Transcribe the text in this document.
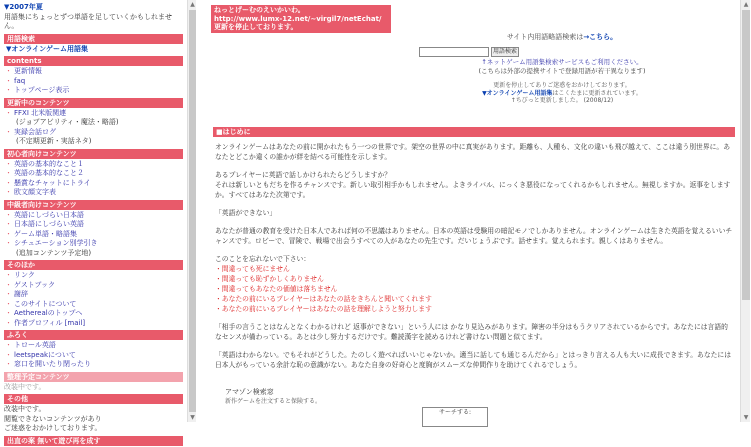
▼2007年夏
用語集にちょっとずつ単語を足していくかもしれません。
用語検索
▼オンラインゲーム用語集
contents
・ 更新情報
・ faq
・ トップページ表示
更新中のコンテンツ
・ FFXI 北米版関連
(ジョブアビリティ・魔法・略語)
・ 実録会話ログ
(不定期更新・実話ネタ)
初心者向けコンテンツ
・ 英語の基本的なこと１
・ 英語の基本的なこと２
・ 懸賞なチャットにトライ
・ 欧文顔文字表
中級者向けコンテンツ
・ 英語にしづらい日本語
・ 日本語にしづらい英語
・ ゲーム単語・略語集
・ シチュエーション別学引き
(追加コンテンツ予定地)
そのほか
・ リンク
・ ゲストブック
・ 謝辞
・ このサイトについて
・ Aetherealのトップへ
・ 作者プロフィル [mail]
ふろく
・ トロール英語
・ leetspeakについて
・ 窓口を開いたり閉ったり
整理予定コンテンツ
改装中です。
その他
改装中です。
閲覧できないコンテンツがあり
ご迷惑をおかけしております。
出直の案 無いて遊び再を成す
▲
▼
ねっとげーむのえいかいわ。
http://www.lumx-12.net/~virgil7/netEchat/
更新を停止しております。
サイト内用語略語検索は→こちら。
用語検索
↑ネットゲーム用語集検索サービスもご利用ください。
(こちらは外部の提携サイトで登録用語が若干異なります)
更新を停止してありご迷惑をおかけしております。
▼オンラインゲーム用語集はこくたまに更新されています。
↑ちびっと更新しました。 (2008/12)
■はじめに

オンラインゲームはあなたの前に開かれたもう一つの世界です。架空の世界の中に真実があります。距離も、人種も、文化の違いも飛び越えて、ここは違う別世界に。あなたとどこか違くの誰かが絆を結べる可能性を示します。

あるプレイヤーに英語で話しかけられたらどうしますか？
それは新しいともだちを作るチャンスです。新しい取引相手かもしれません。よきライバル、にっくき悪役になってくれるかもしれません。無視しますか。返事をしますか。すべてはあなた次第です。

「英語ができない」

あなたが普通の教育を受けた日本人であれば何の不思議はありません。日本の英語は受験用の暗記モノでしかありません。オンラインゲームは生きた英語を覚えるいいチャンスです。ロビーで、冒険で、戦場で出会うすべての人があなたの先生です。だいじょうぶです。話せます。覚えられます。親しくはありません。

このことを忘れないで下さい：
・間違っても死にません
・間違っても恥ずかしくありません
・間違ってもあなたの価値は落ちません
・あなたの前にいるプレイヤーはあなたの話をきちんと聞いてくれます
・あなたの前にいるプレイヤーはあなたの話を理解しようと努力します

「相手の言うことはなんとなくわかるけれど 返事ができない」という人には かなり見込みがあります。障害の半分はもうクリアされているからです。あなたには言語的なセンスが備わっている。あとは少し努力するだけです。難読漢字を読めるけれど書けない問題と似てます。

「英語はわからない。でもそれがどうした。たのしく遊べればいいじゃないか。適当に話しても通じるんだから」とはっきり言える人も大いに成長できます。あなたには日本人がもっている余計な恥の意識がない。あなた自身の好奇心と度胸がスムーズな仲間作りを助けてくれるでしょう。

アマゾン検索窓
新作ゲームを注文すると保険する。
サーチする:
▲
▼
